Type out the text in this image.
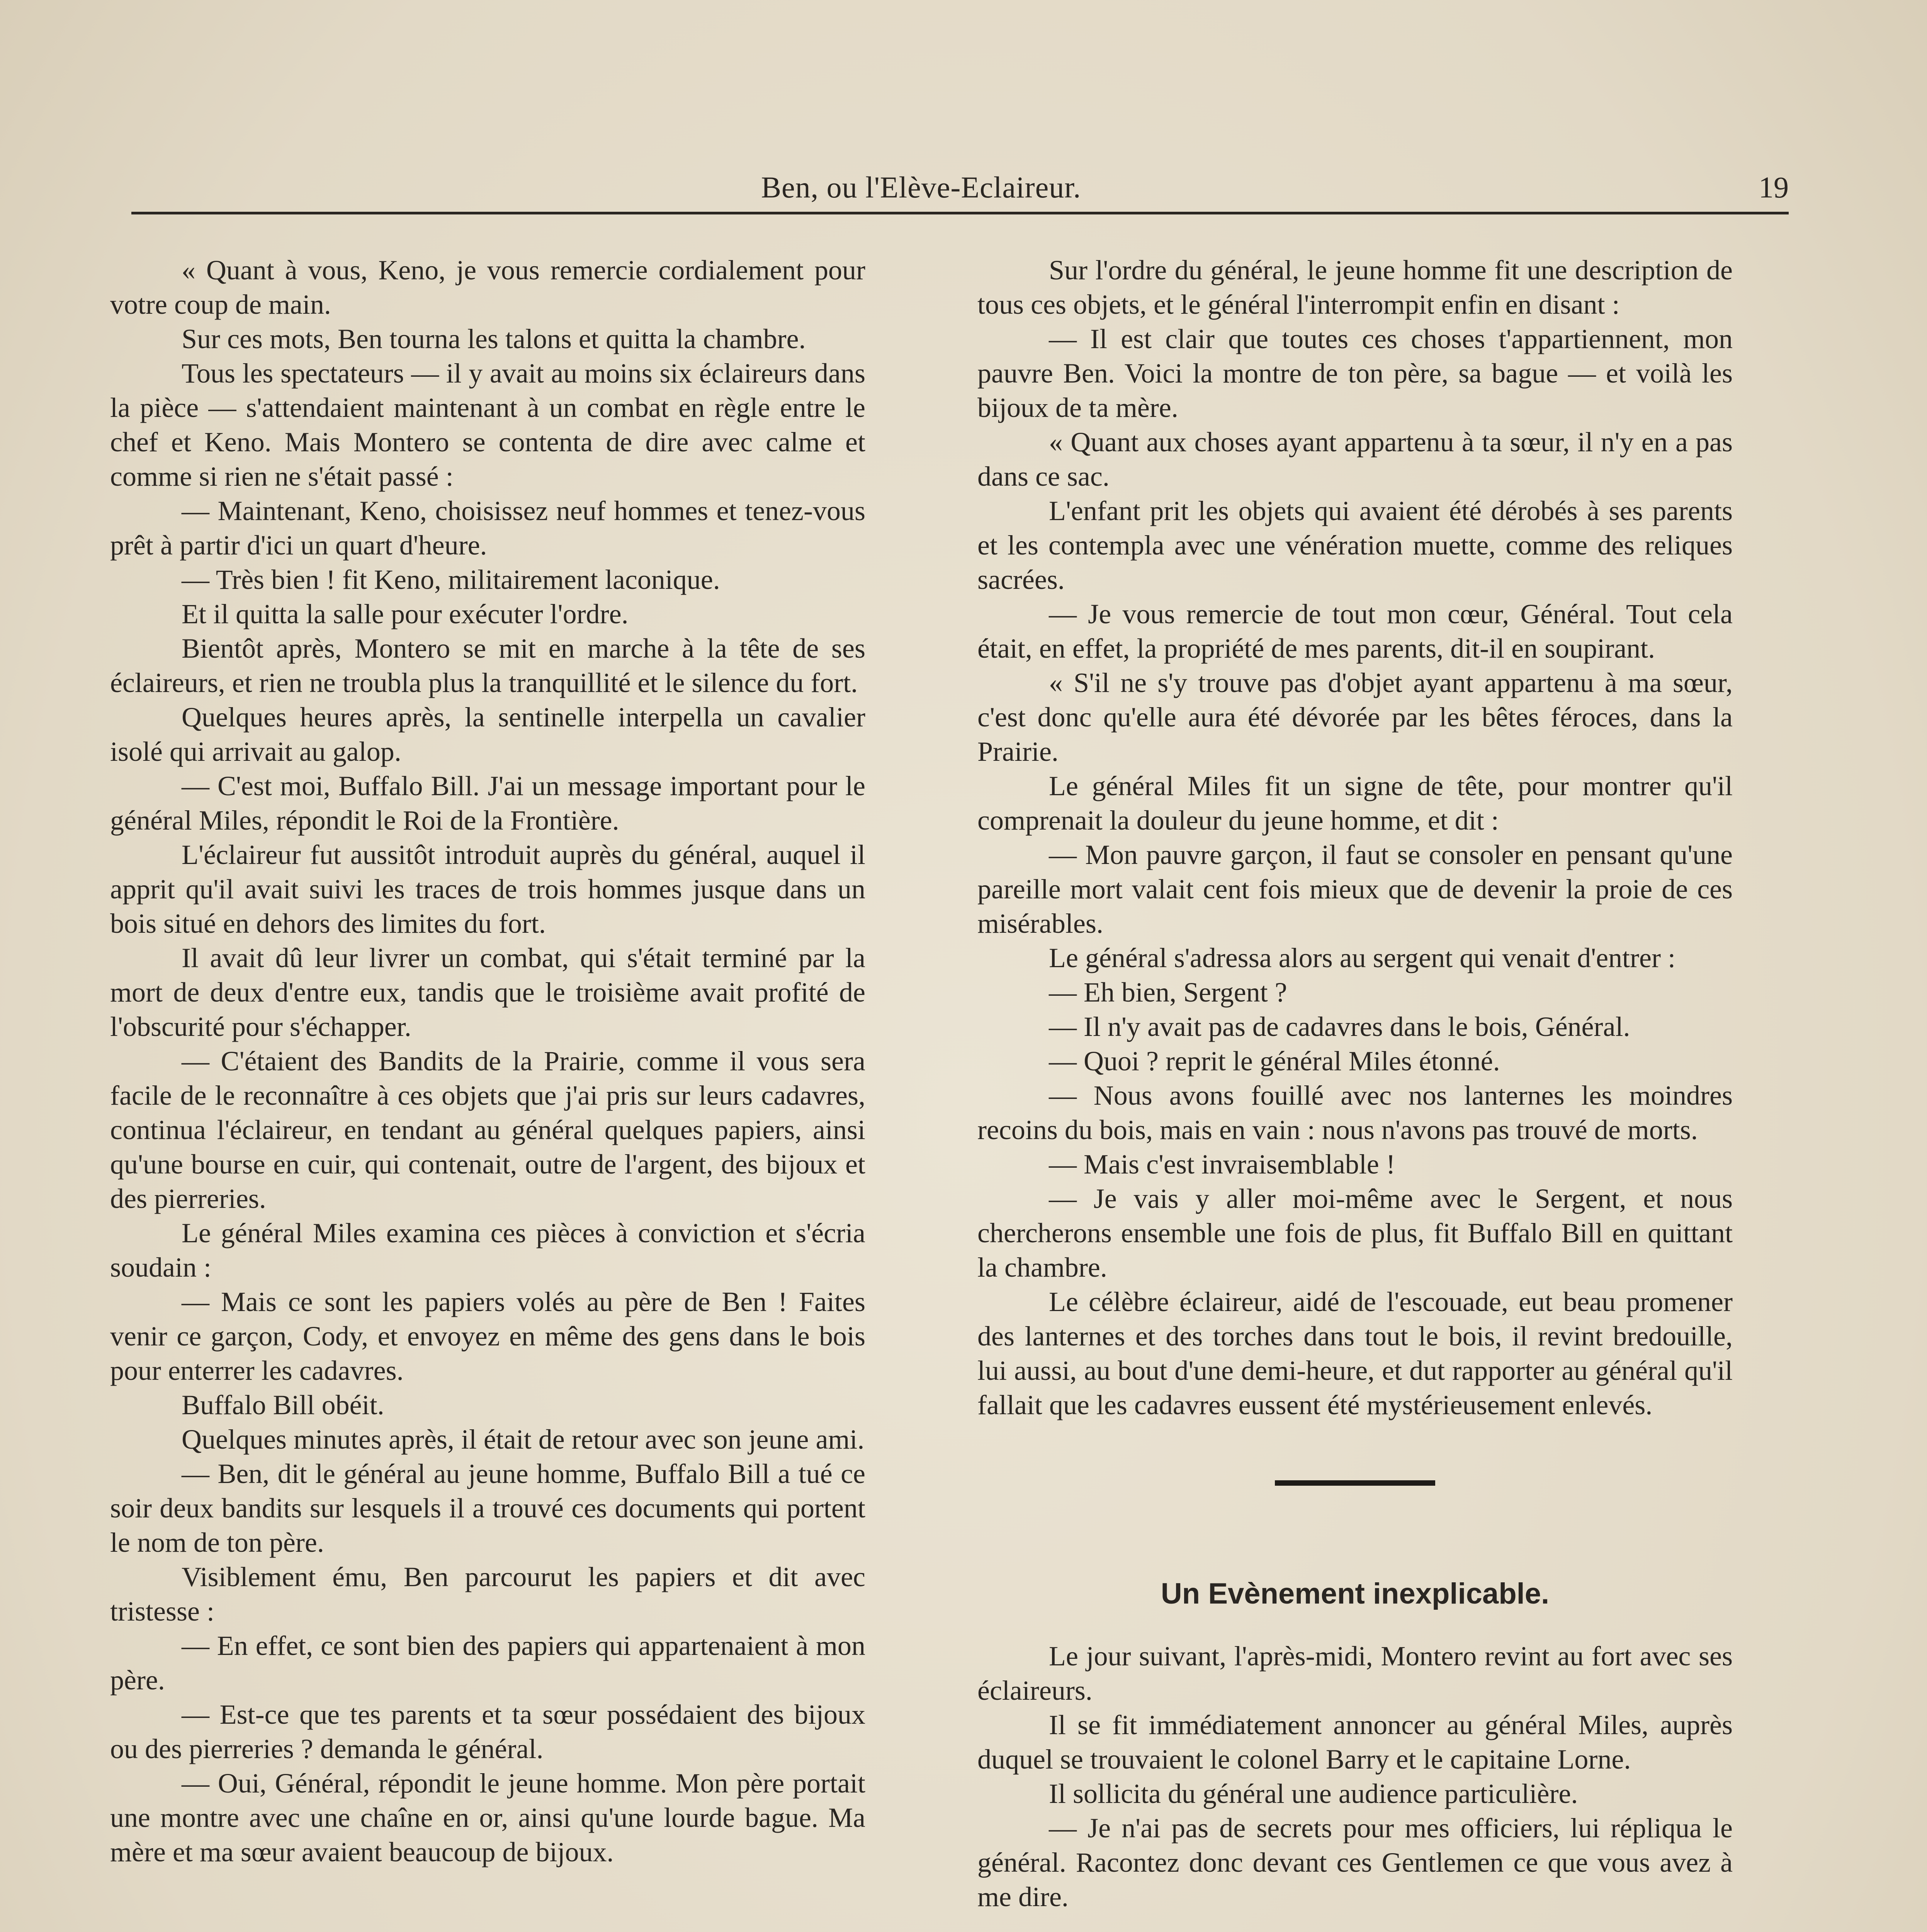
Ben, ou l'Elève-Eclaireur.	19

« Quant à vous, Keno, je vous remercie cordialement pour votre coup de main.

Sur ces mots, Ben tourna les talons et quitta la chambre.

Tous les spectateurs — il y avait au moins six éclaireurs dans la pièce — s'attendaient maintenant à un combat en règle entre le chef et Keno. Mais Montero se contenta de dire avec calme et comme si rien ne s'était passé :

— Maintenant, Keno, choisissez neuf hommes et tenez-vous prêt à partir d'ici un quart d'heure.

— Très bien ! fit Keno, militairement laconique.

Et il quitta la salle pour exécuter l'ordre.

Bientôt après, Montero se mit en marche à la tête de ses éclaireurs, et rien ne troubla plus la tranquillité et le silence du fort.

Quelques heures après, la sentinelle interpella un cavalier isolé qui arrivait au galop.

— C'est moi, Buffalo Bill. J'ai un message important pour le général Miles, répondit le Roi de la Frontière.

L'éclaireur fut aussitôt introduit auprès du général, auquel il apprit qu'il avait suivi les traces de trois hommes jusque dans un bois situé en dehors des limites du fort.

Il avait dû leur livrer un combat, qui s'était terminé par la mort de deux d'entre eux, tandis que le troisième avait profité de l'obscurité pour s'échapper.

— C'étaient des Bandits de la Prairie, comme il vous sera facile de le reconnaître à ces objets que j'ai pris sur leurs cadavres, continua l'éclaireur, en tendant au général quelques papiers, ainsi qu'une bourse en cuir, qui contenait, outre de l'argent, des bijoux et des pierreries.

Le général Miles examina ces pièces à conviction et s'écria soudain :

— Mais ce sont les papiers volés au père de Ben ! Faites venir ce garçon, Cody, et envoyez en même des gens dans le bois pour enterrer les cadavres.

Buffalo Bill obéit.

Quelques minutes après, il était de retour avec son jeune ami.

— Ben, dit le général au jeune homme, Buffalo Bill a tué ce soir deux bandits sur lesquels il a trouvé ces documents qui portent le nom de ton père.

Visiblement ému, Ben parcourut les papiers et dit avec tristesse :

— En effet, ce sont bien des papiers qui appartenaient à mon père.

— Est-ce que tes parents et ta sœur possédaient des bijoux ou des pierreries ? demanda le général.

— Oui, Général, répondit le jeune homme. Mon père portait une montre avec une chaîne en or, ainsi qu'une lourde bague. Ma mère et ma sœur avaient beaucoup de bijoux.

Sur l'ordre du général, le jeune homme fit une description de tous ces objets, et le général l'interrompit enfin en disant :

— Il est clair que toutes ces choses t'appartiennent, mon pauvre Ben. Voici la montre de ton père, sa bague — et voilà les bijoux de ta mère.

« Quant aux choses ayant appartenu à ta sœur, il n'y en a pas dans ce sac.

L'enfant prit les objets qui avaient été dérobés à ses parents et les contempla avec une vénération muette, comme des reliques sacrées.

— Je vous remercie de tout mon cœur, Général. Tout cela était, en effet, la propriété de mes parents, dit-il en soupirant.

« S'il ne s'y trouve pas d'objet ayant appartenu à ma sœur, c'est donc qu'elle aura été dévorée par les bêtes féroces, dans la Prairie.

Le général Miles fit un signe de tête, pour montrer qu'il comprenait la douleur du jeune homme, et dit :

— Mon pauvre garçon, il faut se consoler en pensant qu'une pareille mort valait cent fois mieux que de devenir la proie de ces misérables.

Le général s'adressa alors au sergent qui venait d'entrer :

— Eh bien, Sergent ?

— Il n'y avait pas de cadavres dans le bois, Général.

— Quoi ? reprit le général Miles étonné.

— Nous avons fouillé avec nos lanternes les moindres recoins du bois, mais en vain : nous n'avons pas trouvé de morts.

— Mais c'est invraisemblable !

— Je vais y aller moi-même avec le Sergent, et nous chercherons ensemble une fois de plus, fit Buffalo Bill en quittant la chambre.

Le célèbre éclaireur, aidé de l'escouade, eut beau promener des lanternes et des torches dans tout le bois, il revint bredouille, lui aussi, au bout d'une demi-heure, et dut rapporter au général qu'il fallait que les cadavres eussent été mystérieusement enlevés.

Un Evènement inexplicable.

Le jour suivant, l'après-midi, Montero revint au fort avec ses éclaireurs.

Il se fit immédiatement annoncer au général Miles, auprès duquel se trouvaient le colonel Barry et le capitaine Lorne.

Il sollicita du général une audience particulière.

— Je n'ai pas de secrets pour mes officiers, lui répliqua le général. Racontez donc devant ces Gentlemen ce que vous avez à me dire.
